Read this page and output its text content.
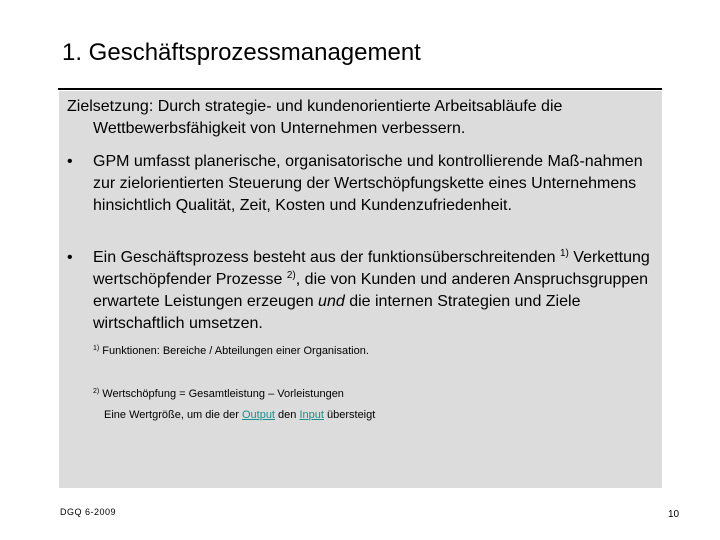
1. Geschäftsprozessmanagement
Zielsetzung: Durch strategie- und kundenorientierte Arbeitsabläufe die
Wettbewerbsfähigkeit von Unternehmen verbessern.
•	GPM umfasst planerische, organisatorische und kontrollierende Maß-nahmen zur zielorientierten Steuerung der Wertschöpfungskette eines Unternehmens hinsichtlich Qualität, Zeit, Kosten und Kundenzufriedenheit.
•	Ein Geschäftsprozess besteht aus der funktionsüberschreitenden $^{1)}$ Verkettung wertschöpfender Prozesse $^{2)}$, die von Kunden und anderen Anspruchsgruppen erwartete Leistungen erzeugen und die internen Strategien und Ziele wirtschaftlich umsetzen.
$^{1)}$ Funktionen: Bereiche / Abteilungen einer Organisation.
$^{2)}$ Wertschöpfung = Gesamtleistung – Vorleistungen
Eine Wertgröße, um die der Output den Input übersteigt
DGQ 6-2009	10
